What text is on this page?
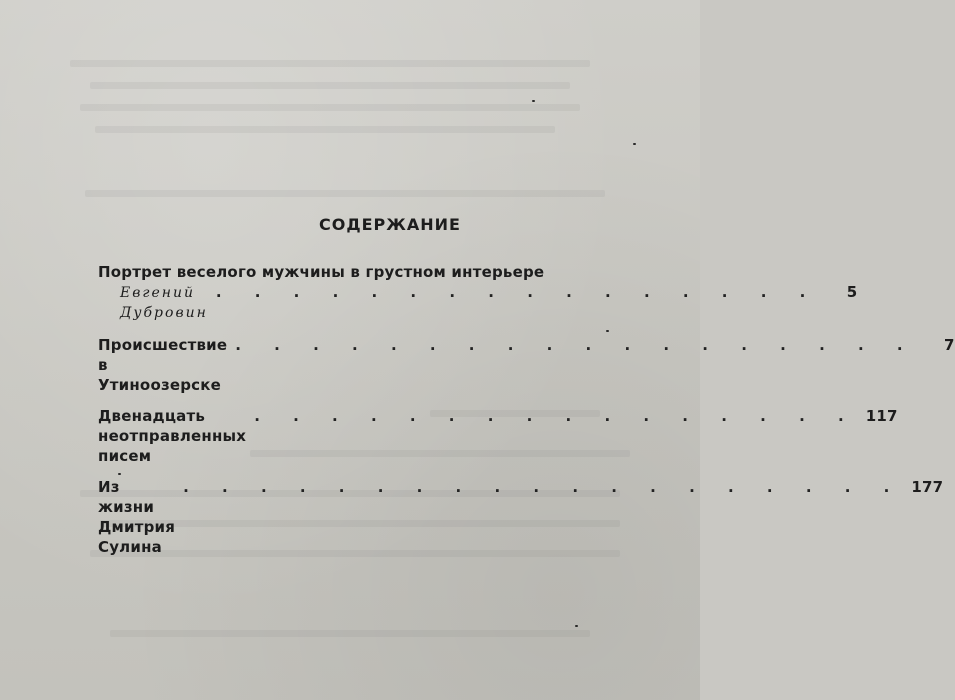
СОДЕРЖАНИЕ
Портрет веселого мужчины в грустном интерьере
Евгений Дубровин
. . . . . . . . . . . . . . . .	5
Происшествие в Утиноозерске
. . . . . . . . . . . . . . . . . .	7
Двенадцать неотправленных писем
. . . . . . . . . . . . . . . . 117
Из жизни Дмитрия Сулина
. . . . . . . . . . . . . . . . . . . 177
